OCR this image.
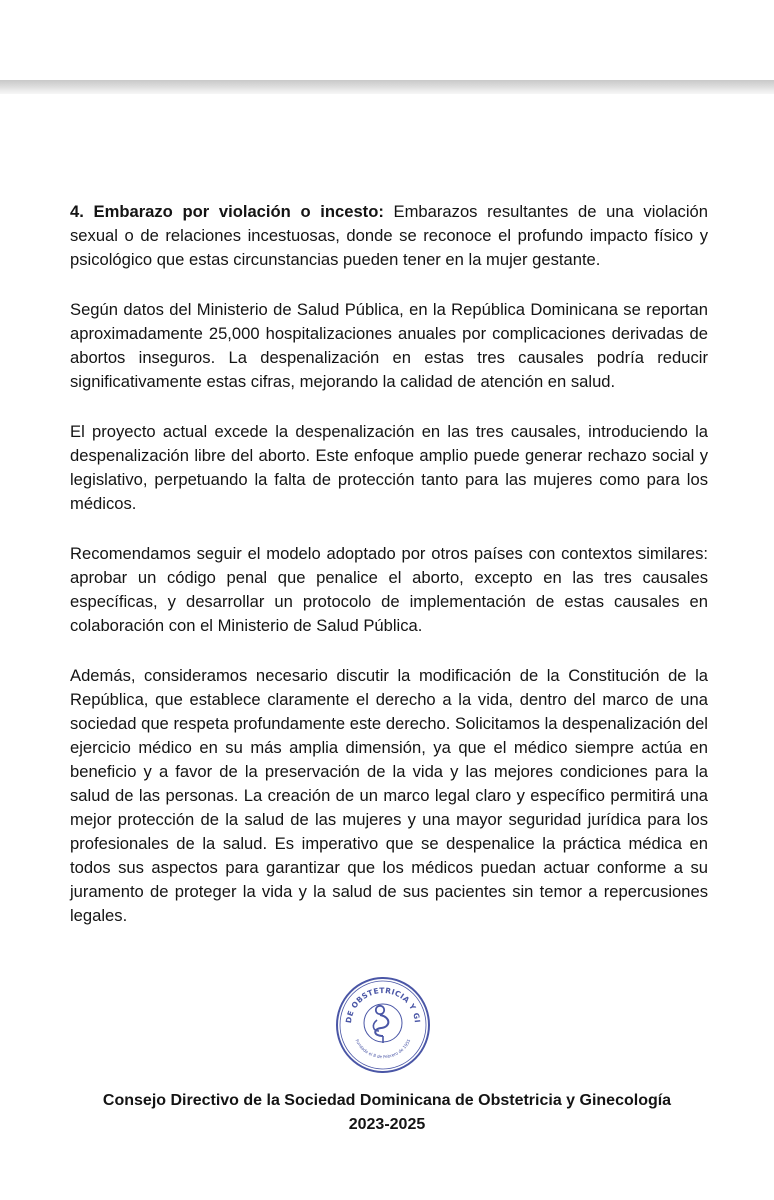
4. Embarazo por violación o incesto: Embarazos resultantes de una violación sexual o de relaciones incestuosas, donde se reconoce el profundo impacto físico y psicológico que estas circunstancias pueden tener en la mujer gestante.

Según datos del Ministerio de Salud Pública, en la República Dominicana se reportan aproximadamente 25,000 hospitalizaciones anuales por complicaciones derivadas de abortos inseguros. La despenalización en estas tres causales podría reducir significativamente estas cifras, mejorando la calidad de atención en salud.

El proyecto actual excede la despenalización en las tres causales, introduciendo la despenalización libre del aborto. Este enfoque amplio puede generar rechazo social y legislativo, perpetuando la falta de protección tanto para las mujeres como para los médicos.

Recomendamos seguir el modelo adoptado por otros países con contextos similares: aprobar un código penal que penalice el aborto, excepto en las tres causales específicas, y desarrollar un protocolo de implementación de estas causales en colaboración con el Ministerio de Salud Pública.

Además, consideramos necesario discutir la modificación de la Constitución de la República, que establece claramente el derecho a la vida, dentro del marco de una sociedad que respeta profundamente este derecho. Solicitamos la despenalización del ejercicio médico en su más amplia dimensión, ya que el médico siempre actúa en beneficio y a favor de la preservación de la vida y las mejores condiciones para la salud de las personas. La creación de un marco legal claro y específico permitirá una mejor protección de la salud de las mujeres y una mayor seguridad jurídica para los profesionales de la salud. Es imperativo que se despenalice la práctica médica en todos sus aspectos para garantizar que los médicos puedan actuar conforme a su juramento de proteger la vida y la salud de sus pacientes sin temor a repercusiones legales.

DE OBSTETRICIA Y GI
Fundada el 8 de Febrero de 1955
Consejo Directivo de la Sociedad Dominicana de Obstetricia y Ginecología
2023-2025
